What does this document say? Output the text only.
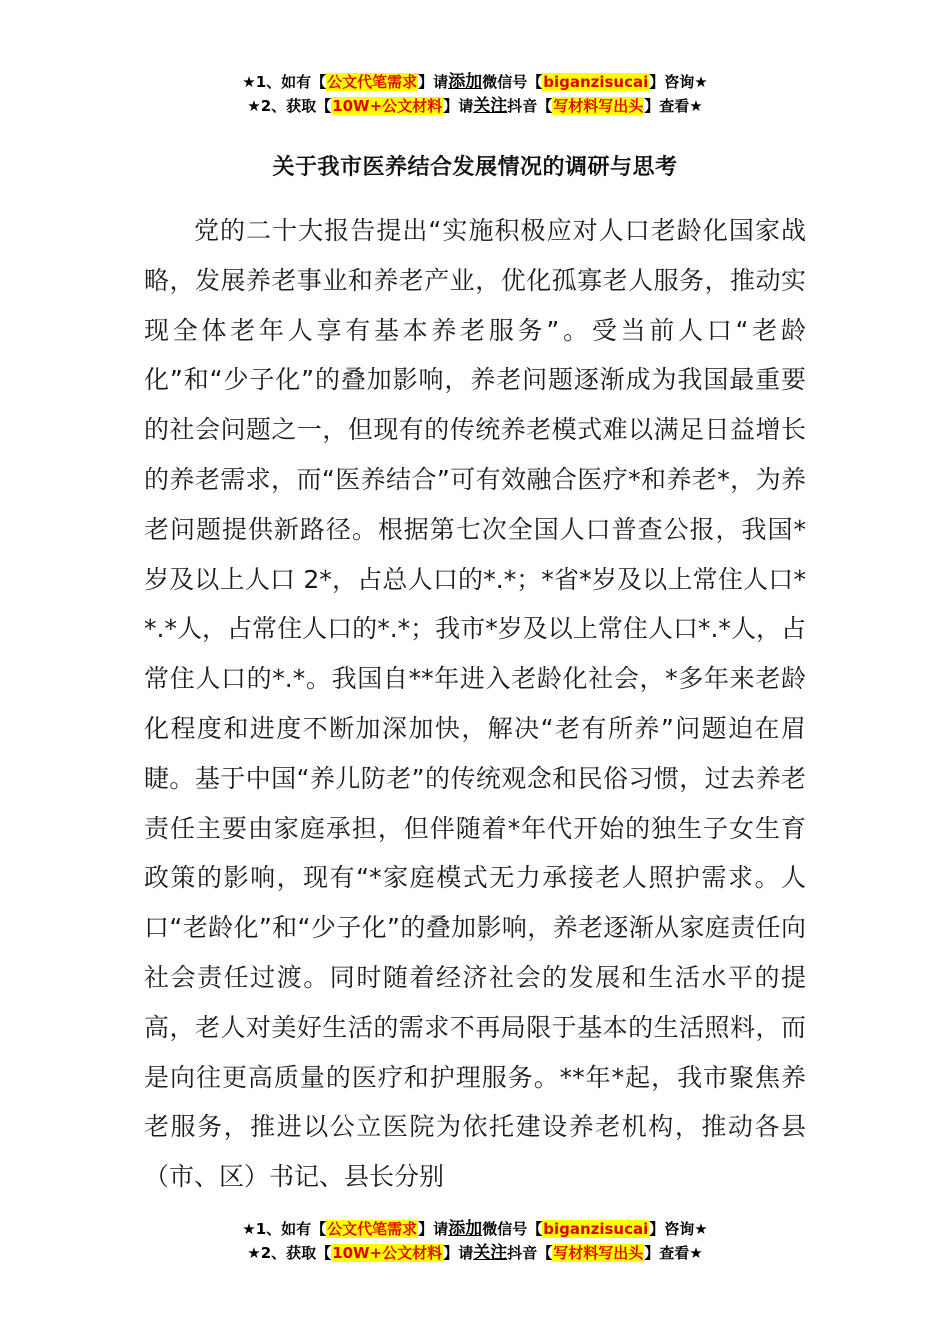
★1、如有【公文代笔需求】请添加微信号【biganzisucai】咨询★
★2、获取【10W+公文材料】请关注抖音【写材料写出头】查看★
关于我市医养结合发展情况的调研与思考

党的二十大报告提出“实施积极应对人口老龄化国家战略，发展养老事业和养老产业，优化孤寡老人服务，推动实现全体老年人享有基本养老服务”。受当前人口“老龄化”和“少子化”的叠加影响，养老问题逐渐成为我国最重要的社会问题之一，但现有的传统养老模式难以满足日益增长的养老需求，而“医养结合”可有效融合医疗*和养老*，为养老问题提供新路径。根据第七次全国人口普查公报，我国*岁及以上人口 2*，占总人口的*.*；*省*岁及以上常住人口**.*人，占常住人口的*.*；我市*岁及以上常住人口*.*人，占常住人口的*.*。我国自**年进入老龄化社会，*多年来老龄化程度和进度不断加深加快，解决“老有所养”问题迫在眉睫。基于中国“养儿防老”的传统观念和民俗习惯，过去养老责任主要由家庭承担，但伴随着*年代开始的独生子女生育政策的影响，现有“*家庭模式无力承接老人照护需求。人口“老龄化”和“少子化”的叠加影响，养老逐渐从家庭责任向社会责任过渡。同时随着经济社会的发展和生活水平的提高，老人对美好生活的需求不再局限于基本的生活照料，而是向往更高质量的医疗和护理服务。**年*起，我市聚焦养老服务，推进以公立医院为依托建设养老机构，推动各县（市、区）书记、县长分别

★1、如有【公文代笔需求】请添加微信号【biganzisucai】咨询★
★2、获取【10W+公文材料】请关注抖音【写材料写出头】查看★
